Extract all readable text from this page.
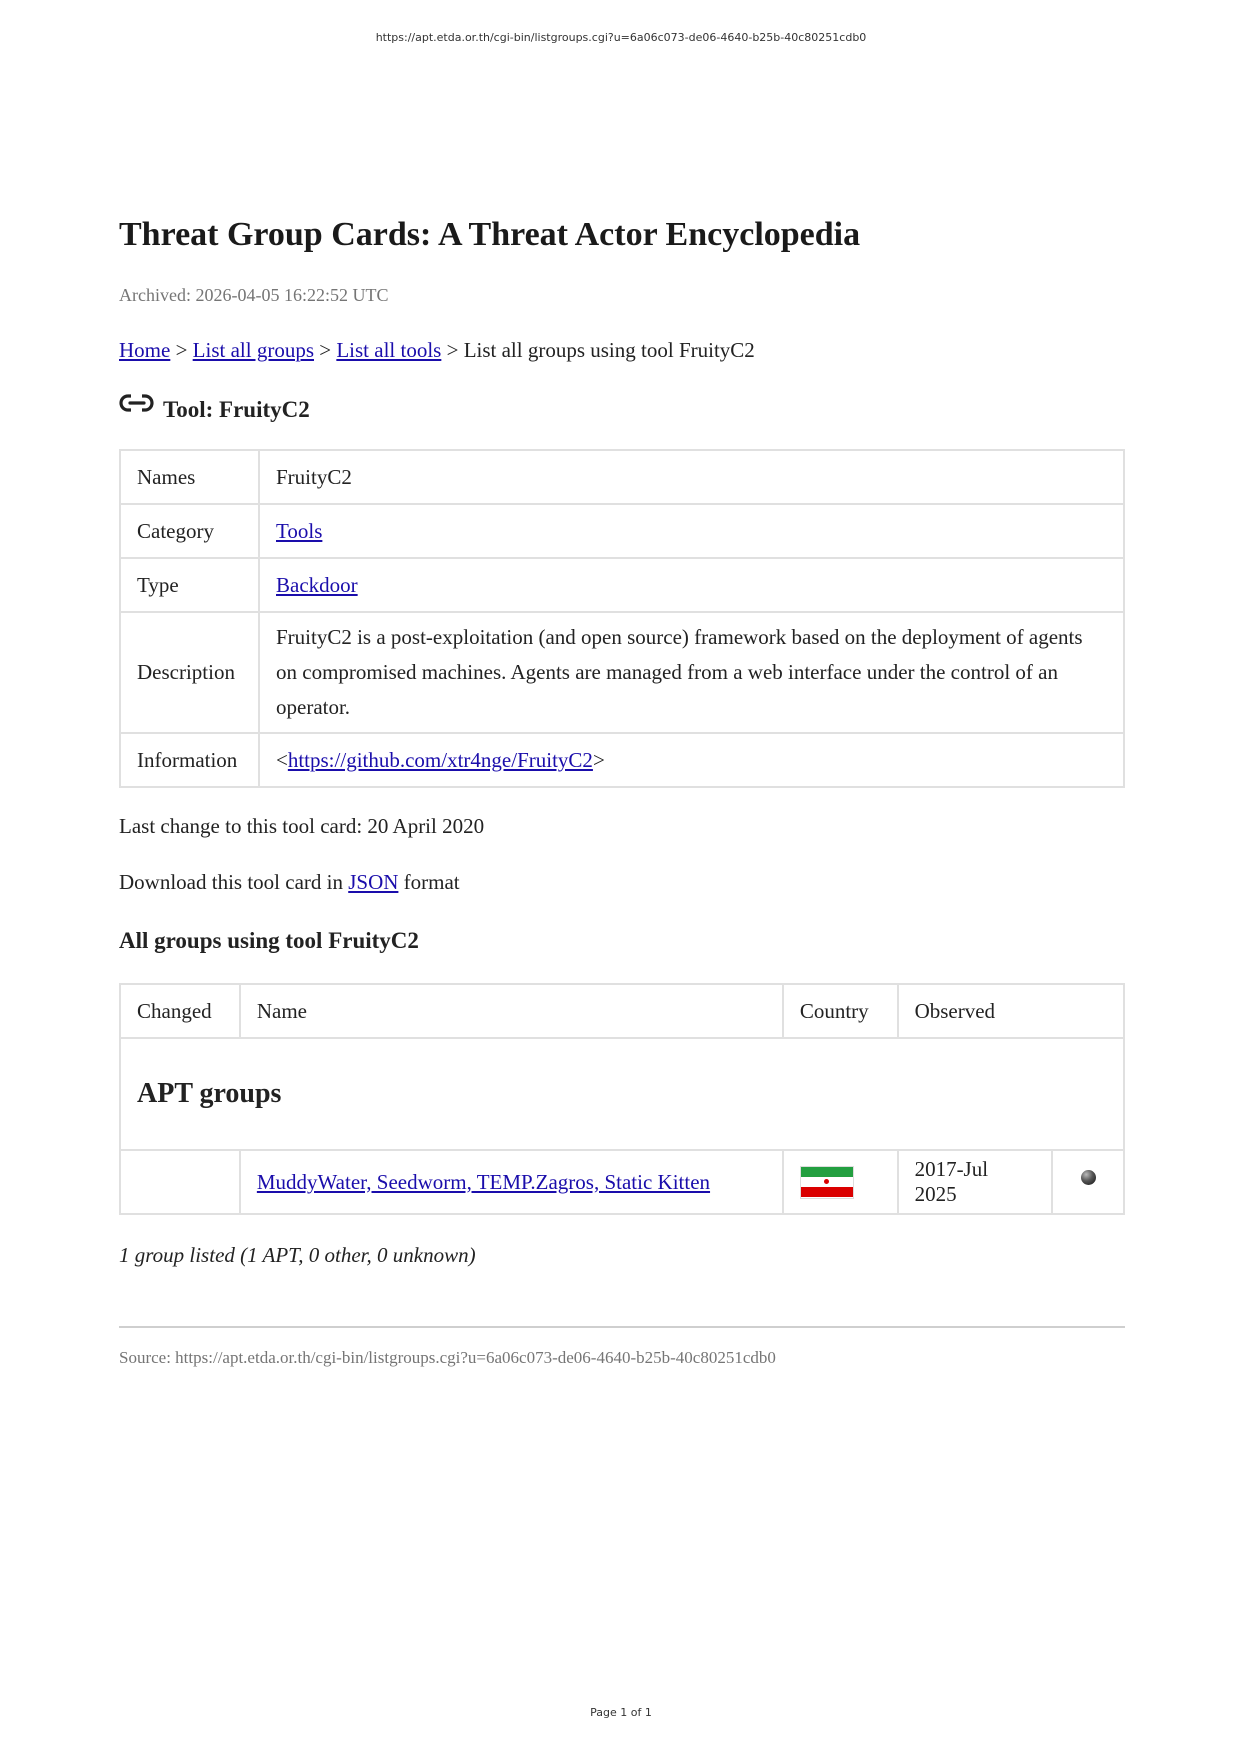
https://apt.etda.or.th/cgi-bin/listgroups.cgi?u=6a06c073-de06-4640-b25b-40c80251cdb0
Threat Group Cards: A Threat Actor Encyclopedia
Archived: 2026-04-05 16:22:52 UTC
Home > List all groups > List all tools > List all groups using tool FruityC2
Tool: FruityC2
Names	FruityC2
Category	Tools
Type	Backdoor
Description	FruityC2 is a post-exploitation (and open source) framework based on the deployment of agents on compromised machines. Agents are managed from a web interface under the control of an operator.
Information	<https://github.com/xtr4nge/FruityC2>
Last change to this tool card: 20 April 2020
Download this tool card in JSON format
All groups using tool FruityC2
Changed	Name	Country	Observed	
APT groups				
	MuddyWater, Seedworm, TEMP.Zagros, Static Kitten		2017-Jul 2025	
1 group listed (1 APT, 0 other, 0 unknown)
Source: https://apt.etda.or.th/cgi-bin/listgroups.cgi?u=6a06c073-de06-4640-b25b-40c80251cdb0
Page 1 of 1
